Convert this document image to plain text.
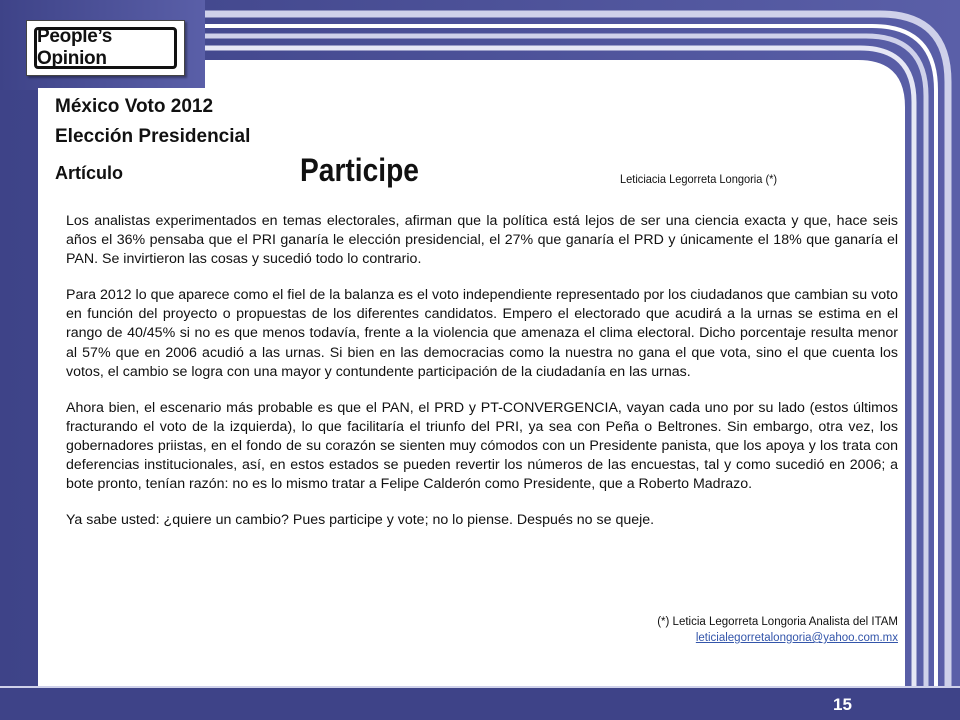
People’s Opinion
México Voto 2012
Elección Presidencial
Artículo	Participe	Leticiacia Legorreta Longoria (*)

Los analistas experimentados en temas electorales, afirman que la política está lejos de ser una ciencia exacta y que, hace seis años el 36% pensaba que el PRI ganaría le elección presidencial, el 27% que ganaría el PRD y únicamente el 18% que ganaría el PAN. Se invirtieron las cosas y sucedió todo lo contrario.

Para 2012 lo que aparece como el fiel de la balanza es el voto independiente representado por los ciudadanos que cambian su voto en función del proyecto o propuestas de los diferentes candidatos. Empero el electorado que acudirá a la urnas se estima en el rango de 40/45% si no es que menos todavía, frente a la violencia que amenaza el clima electoral. Dicho porcentaje resulta menor al 57% que en 2006 acudió a las urnas. Si bien en las democracias como la nuestra no gana el que vota, sino el que cuenta los votos, el cambio se logra con una mayor y contundente participación de la ciudadanía en las urnas.

Ahora bien, el escenario más probable es que el PAN, el PRD y PT-CONVERGENCIA, vayan cada uno por su lado (estos últimos fracturando el voto de la izquierda), lo que facilitaría el triunfo del PRI, ya sea con Peña o Beltrones. Sin embargo, otra vez, los gobernadores priistas, en el fondo de su corazón se sienten muy cómodos con un Presidente panista, que los apoya y los trata con deferencias institucionales, así, en estos estados se pueden revertir los números de las encuestas, tal y como sucedió en 2006; a bote pronto, tenían razón: no es lo mismo tratar a Felipe Calderón como Presidente, que a Roberto Madrazo.

Ya sabe usted: ¿quiere un cambio? Pues participe y vote; no lo piense. Después no se queje.

(*) Leticia Legorreta Longoria Analista del ITAM
leticialegorretalongoria@yahoo.com.mx
15
